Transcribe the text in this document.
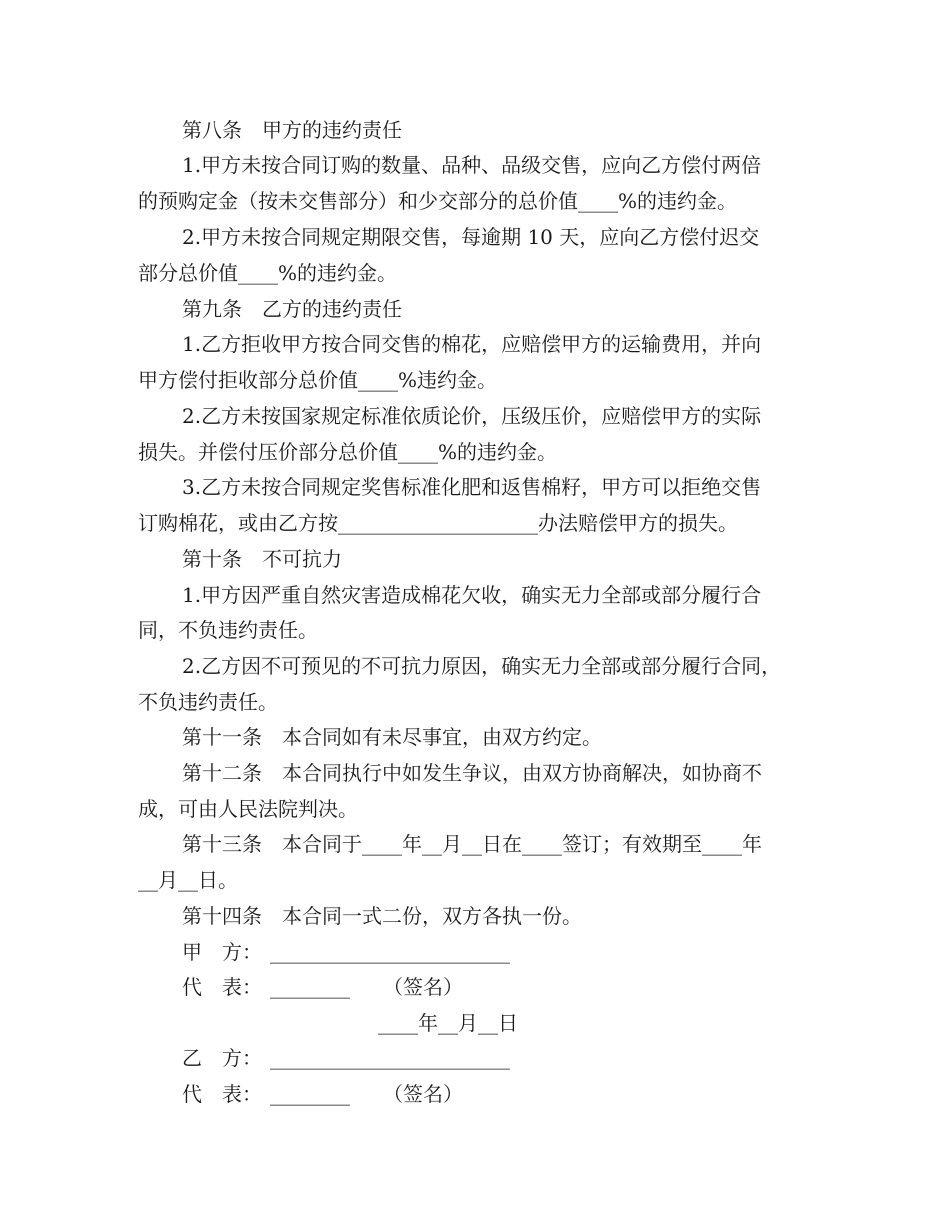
第八条　甲方的违约责任
1.甲方未按合同订购的数量、品种、品级交售，应向乙方偿付两倍
的预购定金（按未交售部分）和少交部分的总价值____%的违约金。
2.甲方未按合同规定期限交售，每逾期 10 天，应向乙方偿付迟交
部分总价值____%的违约金。
第九条　乙方的违约责任
1.乙方拒收甲方按合同交售的棉花，应赔偿甲方的运输费用，并向
甲方偿付拒收部分总价值____%违约金。
2.乙方未按国家规定标准依质论价，压级压价，应赔偿甲方的实际
损失。并偿付压价部分总价值____%的违约金。
3.乙方未按合同规定奖售标准化肥和返售棉籽，甲方可以拒绝交售
订购棉花，或由乙方按____________________办法赔偿甲方的损失。
第十条　不可抗力
1.甲方因严重自然灾害造成棉花欠收，确实无力全部或部分履行合
同，不负违约责任。
2.乙方因不可预见的不可抗力原因，确实无力全部或部分履行合同，
不负违约责任。
第十一条　本合同如有未尽事宜，由双方约定。
第十二条　本合同执行中如发生争议，由双方协商解决，如协商不
成，可由人民法院判决。
第十三条　本合同于____年__月__日在____签订；有效期至____年
__月__日。
第十四条　本合同一式二份，双方各执一份。
甲　方： ________________________
代　表： ________ （签名）
____年__月__日
乙　方： ________________________
代　表： ________ （签名）
